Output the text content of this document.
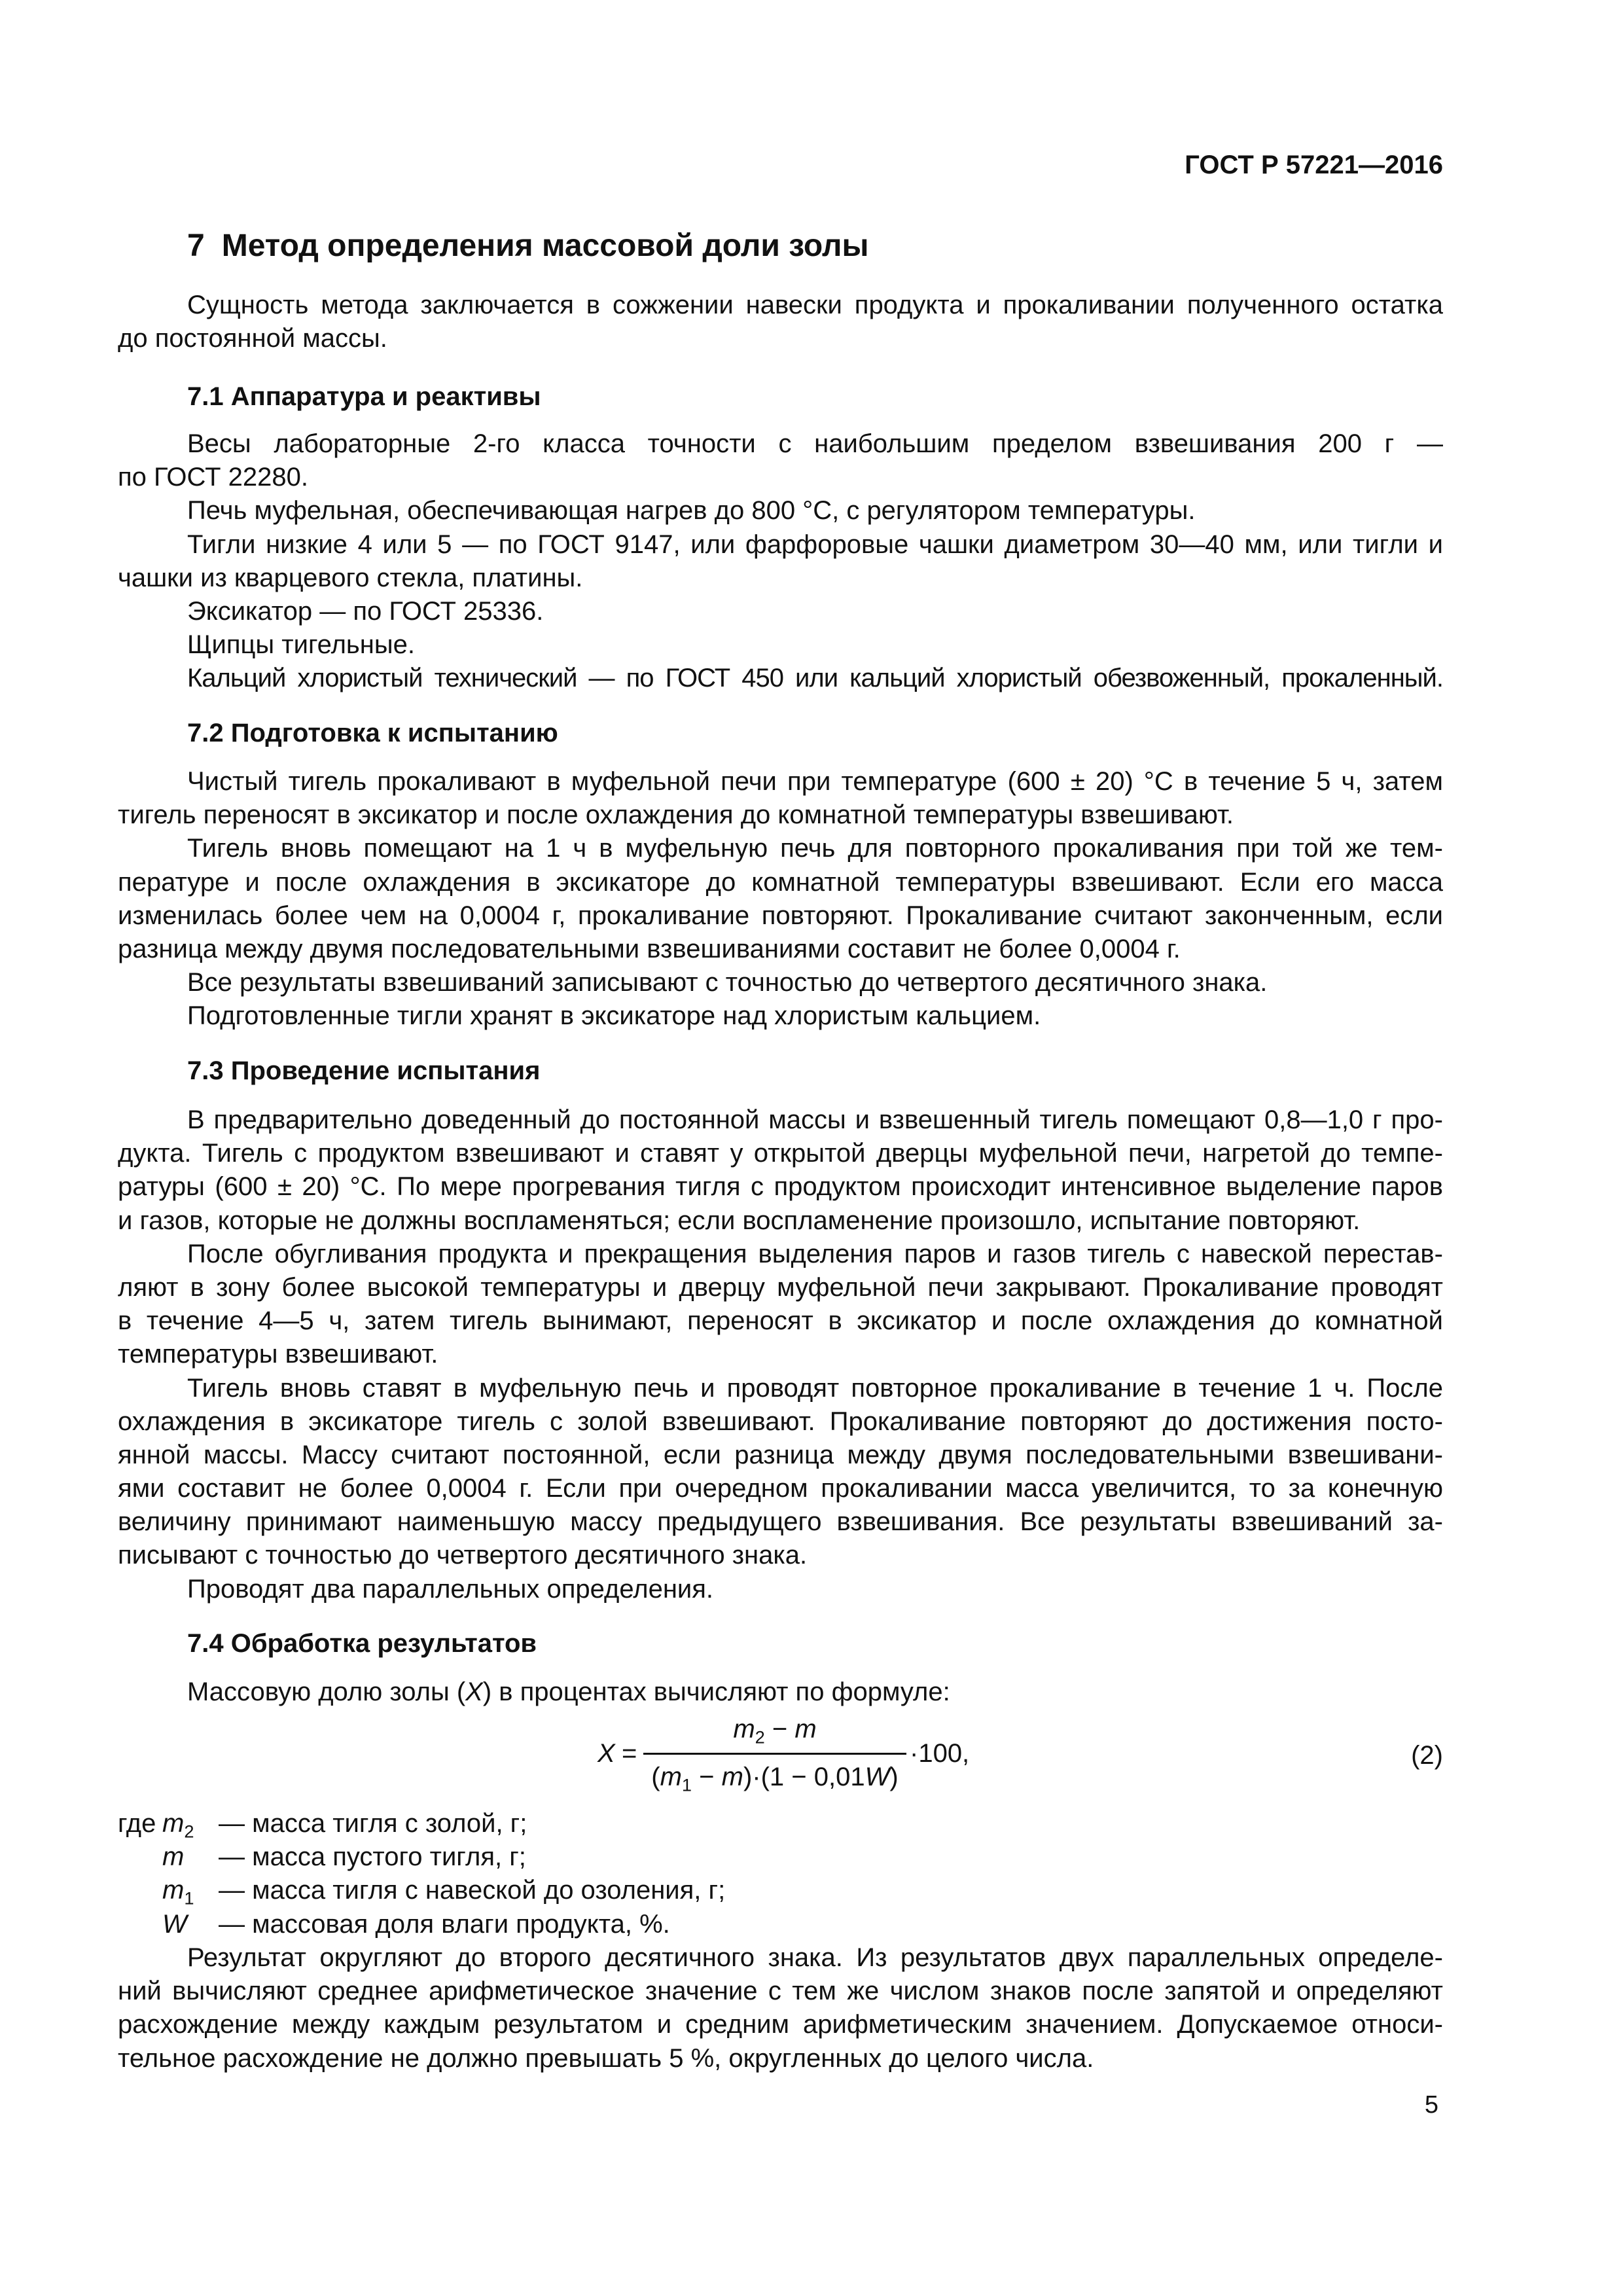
ГОСТ Р 57221—2016
7 Метод определения массовой доли золы
Сущность метода заключается в сожжении навески продукта и прокаливании полученного остатка
до постоянной массы.
7.1 Аппаратура и реактивы
Весы лабораторные 2-го класса точности с наибольшим пределом взвешивания 200 г —
по ГОСТ 22280.
Печь муфельная, обеспечивающая нагрев до 800 °С, с регулятором температуры.
Тигли низкие 4 или 5 — по ГОСТ 9147, или фарфоровые чашки диаметром 30—40 мм, или тигли и
чашки из кварцевого стекла, платины.
Эксикатор — по ГОСТ 25336.
Щипцы тигельные.
Кальций хлористый технический — по ГОСТ 450 или кальций хлористый обезвоженный, прокаленный.
7.2 Подготовка к испытанию
Чистый тигель прокаливают в муфельной печи при температуре (600 ± 20) °С в течение 5 ч, затем
тигель переносят в эксикатор и после охлаждения до комнатной температуры взвешивают.
Тигель вновь помещают на 1 ч в муфельную печь для повторного прокаливания при той же тем-
пературе и после охлаждения в эксикаторе до комнатной температуры взвешивают. Если его масса
изменилась более чем на 0,0004 г, прокаливание повторяют. Прокаливание считают законченным, если
разница между двумя последовательными взвешиваниями составит не более 0,0004 г.
Все результаты взвешиваний записывают с точностью до четвертого десятичного знака.
Подготовленные тигли хранят в эксикаторе над хлористым кальцием.
7.3 Проведение испытания
В предварительно доведенный до постоянной массы и взвешенный тигель помещают 0,8—1,0 г про-
дукта. Тигель с продуктом взвешивают и ставят у открытой дверцы муфельной печи, нагретой до темпе-
ратуры (600 ± 20) °С. По мере прогревания тигля с продуктом происходит интенсивное выделение паров
и газов, которые не должны воспламеняться; если воспламенение произошло, испытание повторяют.
После обугливания продукта и прекращения выделения паров и газов тигель с навеской перестав-
ляют в зону более высокой температуры и дверцу муфельной печи закрывают. Прокаливание проводят
в течение 4—5 ч, затем тигель вынимают, переносят в эксикатор и после охлаждения до комнатной
температуры взвешивают.
Тигель вновь ставят в муфельную печь и проводят повторное прокаливание в течение 1 ч. После
охлаждения в эксикаторе тигель с золой взвешивают. Прокаливание повторяют до достижения посто-
янной массы. Массу считают постоянной, если разница между двумя последовательными взвешивани-
ями составит не более 0,0004 г. Если при очередном прокаливании масса увеличится, то за конечную
величину принимают наименьшую массу предыдущего взвешивания. Все результаты взвешиваний за-
писывают с точностью до четвертого десятичного знака.
Проводят два параллельных определения.
7.4 Обработка результатов
Массовую долю золы (X) в процентах вычисляют по формуле:
X =
$m_2 - m$
$(m_1 - m)\cdot(1 - 0,01W)$
·100,	(2)
где $m_2$ — масса тигля с золой, г;
m — масса пустого тигля, г;
$m_1$ — масса тигля с навеской до озоления, г;
W — массовая доля влаги продукта, %.
Результат округляют до второго десятичного знака. Из результатов двух параллельных определе-
ний вычисляют среднее арифметическое значение с тем же числом знаков после запятой и определяют
расхождение между каждым результатом и средним арифметическим значением. Допускаемое относи-
тельное расхождение не должно превышать 5 %, округленных до целого числа.
5
